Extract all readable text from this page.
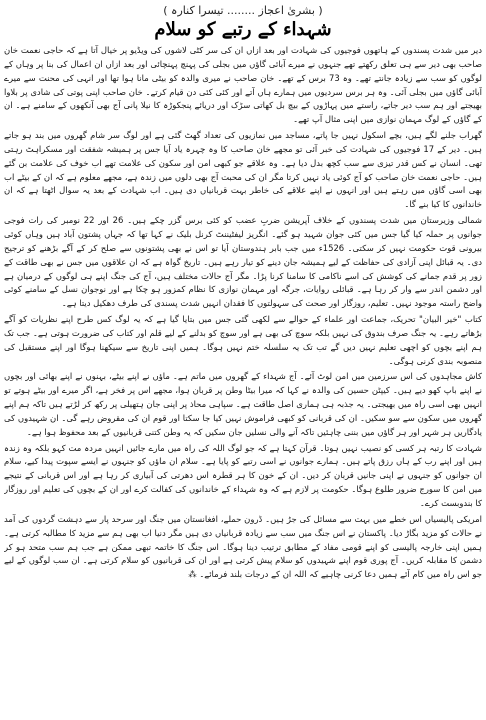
( بشریٰ اعجاز ........ تیسرا کنارہ )
شہداء کے رتبے کو سلام

دیر میں شدت پسندوں کے ہاتھوں فوجیوں کی شہادت اور بعد ازاں ان کی سر کٹی لاشوں کی ویڈیو پر خیال آتا ہے کہ حاجی نعمت خان صاحب بھی دیر سے ہی تعلق رکھتے تھے جنہوں نے میرے آبائی گاؤں میں بجلی کی پہنچ پہنچائی اور بعد ازاں ان اعمال کی بنا پر وہاں کے لوگوں کو سب سے زیادہ جانتے تھے۔ وہ 73 برس کے تھے۔ خان صاحب نے میری والدہ کو بیٹی مانا ہوا تھا اور انہی کی محنت سے میرے آبائی گاؤں میں بجلی آئی۔ وہ ہر برس سردیوں میں ہمارے ہاں آتے اور کئی کئی دن قیام کرتے۔ خان صاحب اپنی پوتی کی شادی پر بلاوا بھیجتے اور ہم سب دیر جاتے، راستے میں پہاڑوں کے بیچ بل کھاتی سڑک اور دریائے پنجکوڑہ کا نیلا پانی آج بھی آنکھوں کے سامنے ہے۔ ان کے گاؤں کے لوگ مہمان نوازی میں اپنی مثال آپ تھے۔

گھراب جلنے لگے ہیں، بچے اسکول نہیں جا پاتے، مساجد میں نمازیوں کی تعداد گھٹ گئی ہے اور لوگ سر شام گھروں میں بند ہو جاتے ہیں۔ دیر کے 17 فوجیوں کی شہادت کی خبر آئی تو مجھے خان صاحب کا وہ چہرہ یاد آیا جس پر ہمیشہ شفقت اور مسکراہٹ رہتی تھی۔ انسان نے کس قدر تیزی سے سب کچھ بدل دیا ہے۔ وہ علاقے جو کبھی امن اور سکون کی علامت تھے اب خوف کی علامت بن گئے ہیں۔ حاجی نعمت خان صاحب کو آج کوئی یاد نہیں کرتا مگر ان کی محبت آج بھی دلوں میں زندہ ہے، مجھے معلوم ہے کہ ان کے بیٹے اب بھی اسی گاؤں میں رہتے ہیں اور انہوں نے اپنے علاقے کی خاطر بہت قربانیاں دی ہیں۔ اب شہادت کے بعد یہ سوال اٹھتا ہے کہ ان خاندانوں کا کیا بنے گا۔

شمالی وزیرستان میں شدت پسندوں کے خلاف آپریشن ضربِ عضب کو کئی برس گزر چکے ہیں۔ 26 اور 22 نومبر کی رات فوجی جوانوں پر حملہ کیا گیا جس میں کئی جوان شہید ہو گئے۔ انگریز لیفٹیننٹ کرنل بلیک نے کہا تھا کہ جہاں پشتون آباد ہیں وہاں کوئی بیرونی قوت حکومت نہیں کر سکتی۔ 1526ء میں جب بابر ہندوستان آیا تو اس نے بھی پشتونوں سے صلح کر کے آگے بڑھنے کو ترجیح دی۔ یہ قبائل اپنی آزادی کی حفاظت کے لیے ہمیشہ جان دینے کو تیار رہے ہیں۔ تاریخ گواہ ہے کہ ان علاقوں میں جس نے بھی طاقت کے زور پر قدم جمانے کی کوشش کی اسے ناکامی کا سامنا کرنا پڑا۔ مگر آج حالات مختلف ہیں، آج کی جنگ اپنے ہی لوگوں کے درمیان ہے اور دشمن اندر سے وار کر رہا ہے۔ قبائلی روایات، جرگہ اور مہمان نوازی کا نظام کمزور ہو چکا ہے اور نوجوان نسل کے سامنے کوئی واضح راستہ موجود نہیں۔ تعلیم، روزگار اور صحت کی سہولتوں کا فقدان انہیں شدت پسندی کی طرف دھکیل دیتا ہے۔

کتاب "خیر البیان" تحریک، جماعت اور علماء کے حوالے سے لکھی گئی جس میں بتایا گیا ہے کہ یہ لوگ کس طرح اپنے نظریات کو آگے بڑھاتے رہے۔ یہ جنگ صرف بندوق کی نہیں بلکہ سوچ کی بھی ہے اور سوچ کو بدلنے کے لیے قلم اور کتاب کی ضرورت ہوتی ہے۔ جب تک ہم اپنے بچوں کو اچھی تعلیم نہیں دیں گے تب تک یہ سلسلہ ختم نہیں ہوگا۔ ہمیں اپنی تاریخ سے سیکھنا ہوگا اور اپنے مستقبل کی منصوبہ بندی کرنی ہوگی۔

کاش مجاہدوں کی اس سرزمین میں امن لوٹ آئے۔ آج شہداء کے گھروں میں ماتم ہے۔ ماؤں نے اپنے بیٹے، بہنوں نے اپنے بھائی اور بچوں نے اپنے باپ کھو دیے ہیں۔ کیپٹن حسین کی والدہ نے کہا کہ میرا بیٹا وطن پر قربان ہوا، مجھے اس پر فخر ہے، اگر میرے اور بیٹے ہوتے تو انہیں بھی اسی راہ میں بھیجتی۔ یہ جذبہ ہی ہماری اصل طاقت ہے۔ سپاہی محاذ پر اپنی جان ہتھیلی پر رکھ کر لڑتے ہیں تاکہ ہم اپنے گھروں میں سکون سے سو سکیں۔ ان کی قربانی کو کبھی فراموش نہیں کیا جا سکتا اور قوم ان کی مقروض رہے گی۔ ان شہیدوں کی یادگاریں ہر شہر اور ہر گاؤں میں بننی چاہئیں تاکہ آنے والی نسلیں جان سکیں کہ یہ وطن کتنی قربانیوں کے بعد محفوظ ہوا ہے۔

شہادت کا رتبہ ہر کسی کو نصیب نہیں ہوتا۔ قرآن کہتا ہے کہ جو لوگ اللہ کی راہ میں مارے جائیں انہیں مردہ مت کہو بلکہ وہ زندہ ہیں اور اپنے رب کے ہاں رزق پاتے ہیں۔ ہمارے جوانوں نے اسی رتبے کو پایا ہے۔ سلام ان ماؤں کو جنہوں نے ایسے سپوت پیدا کیے، سلام ان جوانوں کو جنہوں نے اپنی جانیں قربان کر دیں۔ ان کے خون کا ہر قطرہ اس دھرتی کی آبیاری کر رہا ہے اور اس قربانی کے نتیجے میں امن کا سورج ضرور طلوع ہوگا۔ حکومت پر لازم ہے کہ وہ شہداء کے خاندانوں کی کفالت کرے اور ان کے بچوں کی تعلیم اور روزگار کا بندوبست کرے۔

امریکی پالیسیاں اس خطے میں بہت سے مسائل کی جڑ ہیں۔ ڈرون حملے، افغانستان میں جنگ اور سرحد پار سے دہشت گردوں کی آمد نے حالات کو مزید بگاڑ دیا۔ پاکستان نے اس جنگ میں سب سے زیادہ قربانیاں دی ہیں مگر دنیا اب بھی ہم سے مزید کا مطالبہ کرتی ہے۔ ہمیں اپنی خارجہ پالیسی کو اپنے قومی مفاد کے مطابق ترتیب دینا ہوگا۔ اس جنگ کا خاتمہ تبھی ممکن ہے جب ہم سب متحد ہو کر دشمن کا مقابلہ کریں۔ آج پوری قوم اپنے شہیدوں کو سلام پیش کرتی ہے اور ان کی قربانیوں کو سلام کرتی ہے۔ ان سب لوگوں کے لیے جو اس راہ میں کام آئے ہمیں دعا کرنی چاہیے کہ اللہ ان کے درجات بلند فرمائے۔ ⁂
